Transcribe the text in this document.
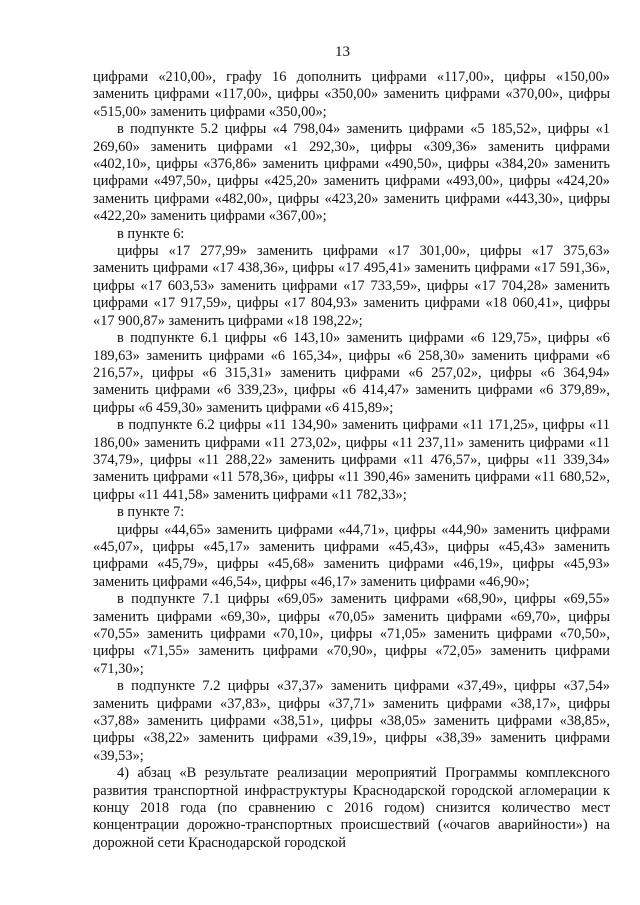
13

цифрами «210,00», графу 16 дополнить цифрами «117,00», цифры «150,00» заменить цифрами «117,00», цифры «350,00» заменить цифрами «370,00», цифры «515,00» заменить цифрами «350,00»;

в подпункте 5.2 цифры «4 798,04» заменить цифрами «5 185,52», цифры «1 269,60» заменить цифрами «1 292,30», цифры «309,36» заменить цифрами «402,10», цифры «376,86» заменить цифрами «490,50», цифры «384,20» заменить цифрами «497,50», цифры «425,20» заменить цифрами «493,00», цифры «424,20» заменить цифрами «482,00», цифры «423,20» заменить цифрами «443,30», цифры «422,20» заменить цифрами «367,00»;

в пункте 6:

цифры «17 277,99» заменить цифрами «17 301,00», цифры «17 375,63» заменить цифрами «17 438,36», цифры «17 495,41» заменить цифрами «17 591,36», цифры «17 603,53» заменить цифрами «17 733,59», цифры «17 704,28» заменить цифрами «17 917,59», цифры «17 804,93» заменить цифрами «18 060,41», цифры «17 900,87» заменить цифрами «18 198,22»;

в подпункте 6.1 цифры «6 143,10» заменить цифрами «6 129,75», цифры «6 189,63» заменить цифрами «6 165,34», цифры «6 258,30» заменить цифрами «6 216,57», цифры «6 315,31» заменить цифрами «6 257,02», цифры «6 364,94» заменить цифрами «6 339,23», цифры «6 414,47» заменить цифрами «6 379,89», цифры «6 459,30» заменить цифрами «6 415,89»;

в подпункте 6.2 цифры «11 134,90» заменить цифрами «11 171,25», цифры «11 186,00» заменить цифрами «11 273,02», цифры «11 237,11» заменить цифрами «11 374,79», цифры «11 288,22» заменить цифрами «11 476,57», цифры «11 339,34» заменить цифрами «11 578,36», цифры «11 390,46» заменить цифрами «11 680,52», цифры «11 441,58» заменить цифрами «11 782,33»;

в пункте 7:

цифры «44,65» заменить цифрами «44,71», цифры «44,90» заменить цифрами «45,07», цифры «45,17» заменить цифрами «45,43», цифры «45,43» заменить цифрами «45,79», цифры «45,68» заменить цифрами «46,19», цифры «45,93» заменить цифрами «46,54», цифры «46,17» заменить цифрами «46,90»;

в подпункте 7.1 цифры «69,05» заменить цифрами «68,90», цифры «69,55» заменить цифрами «69,30», цифры «70,05» заменить цифрами «69,70», цифры «70,55» заменить цифрами «70,10», цифры «71,05» заменить цифрами «70,50», цифры «71,55» заменить цифрами «70,90», цифры «72,05» заменить цифрами «71,30»;

в подпункте 7.2 цифры «37,37» заменить цифрами «37,49», цифры «37,54» заменить цифрами «37,83», цифры «37,71» заменить цифрами «38,17», цифры «37,88» заменить цифрами «38,51», цифры «38,05» заменить цифрами «38,85», цифры «38,22» заменить цифрами «39,19», цифры «38,39» заменить цифрами «39,53»;

4) абзац «В результате реализации мероприятий Программы комплексного развития транспортной инфраструктуры Краснодарской городской агломерации к концу 2018 года (по сравнению с 2016 годом) снизится количество мест концентрации дорожно-транспортных происшествий («очагов аварийности») на дорожной сети Краснодарской городской
